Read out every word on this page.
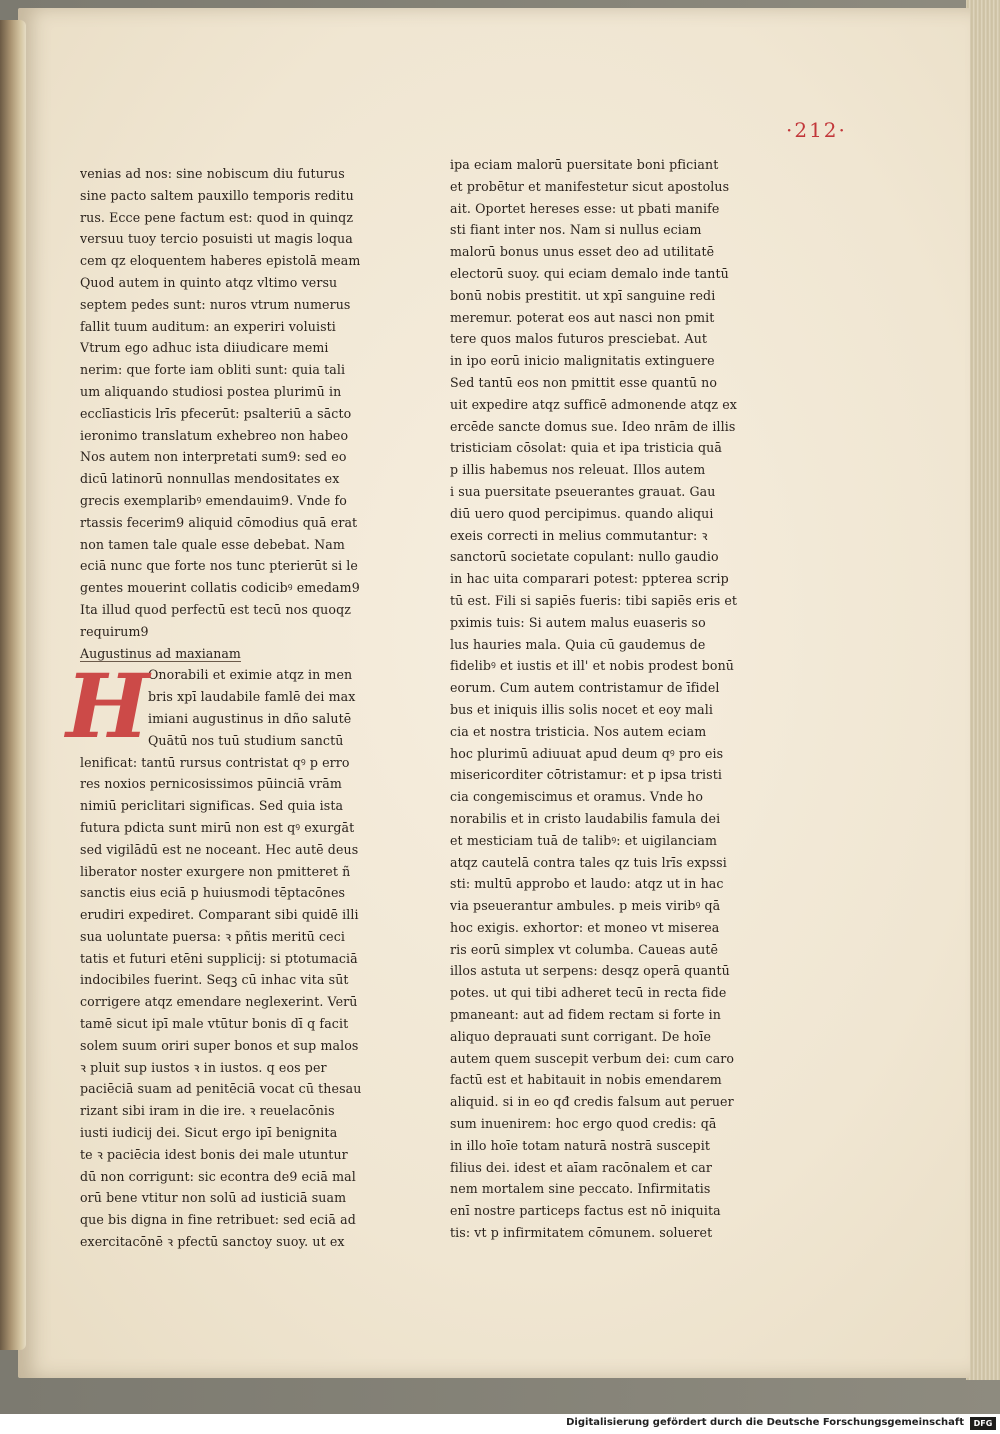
·212·
venias ad nos: sine nobiscum diu futurus
sine pacto saltem pauxillo temporis reditu
rus. Ecce pene factum est: quod in quinqz
versuu tuoy tercio posuisti ut magis loqua
cem qz eloquentem haberes epistolā meam
Quod autem in quinto atqz vltimo versu
septem pedes sunt: nuros vtrum numerus
fallit tuum auditum: an experiri voluisti
Vtrum ego adhuc ista diiudicare memi
nerim: que forte iam obliti sunt: quia tali
um aliquando studiosi postea plurimū in
ecclīasticis lrīs pfecerūt: psalteriū a sācto
ieronimo translatum exhebreo non habeo
Nos autem non interpretati sum9: sed eo
dicū latinorū nonnullas mendositates ex
grecis exemplaribꝰ emendauim9. Vnde fo
rtassis fecerim9 aliquid cōmodius quā erat
non tamen tale quale esse debebat. Nam
eciā nunc que forte nos tunc pterierūt si le
gentes mouerint collatis codicibꝰ emedam9
Ita illud quod perfectū est tecū nos quoqz
requirum9
Augustinus ad maxianam
H
Onorabili et eximie atqz in men
bris xpī laudabile famlē dei max
imiani augustinus in dño salutē
Quātū nos tuū studium sanctū
lenificat: tantū rursus contristat qꝰ p erro
res noxios pernicosissimos pūinciā vrām
nimiū periclitari significas. Sed quia ista
futura pdicta sunt mirū non est qꝰ exurgāt
sed vigilādū est ne noceant. Hec autē deus
liberator noster exurgere non pmitteret ñ
sanctis eius eciā p huiusmodi tēptacōnes
erudiri expediret. Comparant sibi quidē illi
sua uoluntate puersa: ꝛ pñtis meritū ceci
tatis et futuri etēni supplicij: si ptotumaciā
indocibiles fuerint. Seqꝫ cū inhac vita sūt
corrigere atqz emendare neglexerint. Verū
tamē sicut ipī male vtūtur bonis dī q facit
solem suum oriri super bonos et sup malos
ꝛ pluit sup iustos ꝛ in iustos. q eos per
paciēciā suam ad penitēciā vocat cū thesau
rizant sibi iram in die ire. ꝛ reuelacōnis
iusti iudicij dei. Sicut ergo ipī benignita
te ꝛ paciēcia idest bonis dei male utuntur
dū non corrigunt: sic econtra de9 eciā mal
orū bene vtitur non solū ad iusticiā suam
que bis digna in fine retribuet: sed eciā ad
exercitacōnē ꝛ pfectū sanctoy suoy. ut ex
ipa eciam malorū puersitate boni pficiant
et probētur et manifestetur sicut apostolus
ait. Oportet hereses esse: ut pbati manife
sti fiant inter nos. Nam si nullus eciam
malorū bonus unus esset deo ad utilitatē
electorū suoy. qui eciam demalo inde tantū
bonū nobis prestitit. ut xpī sanguine redi
meremur. poterat eos aut nasci non pmit
tere quos malos futuros presciebat. Aut
in ipo eorū inicio malignitatis extinguere
Sed tantū eos non pmittit esse quantū no
uit expedire atqz sufficē admonende atqz ex
ercēde sancte domus sue. Ideo nrām de illis
tristiciam cōsolat: quia et ipa tristicia quā
p illis habemus nos releuat. Illos autem
i sua puersitate pseuerantes grauat. Gau
diū uero quod percipimus. quando aliqui
exeis correcti in melius commutantur: ꝛ
sanctorū societate copulant: nullo gaudio
in hac uita comparari potest: ppterea scrip
tū est. Fili si sapiēs fueris: tibi sapiēs eris et
pximis tuis: Si autem malus euaseris so
lus hauries mala. Quia cū gaudemus de
fidelibꝰ et iustis et ill' et nobis prodest bonū
eorum. Cum autem contristamur de īfidel
bus et iniquis illis solis nocet et eoy mali
cia et nostra tristicia. Nos autem eciam
hoc plurimū adiuuat apud deum qꝰ pro eis
misericorditer cōtristamur: et p ipsa tristi
cia congemiscimus et oramus. Vnde ho
norabilis et in cristo laudabilis famula dei
et mesticiam tuā de talibꝰ: et uigilanciam
atqz cautelā contra tales qz tuis lrīs expssi
sti: multū approbo et laudo: atqz ut in hac
via pseuerantur ambules. p meis viribꝰ qā
hoc exigis. exhortor: et moneo vt miserea
ris eorū simplex vt columba. Caueas autē
illos astuta ut serpens: desqz operā quantū
potes. ut qui tibi adheret tecū in recta fide
pmaneant: aut ad fidem rectam si forte in
aliquo deprauati sunt corrigant. De hoīe
autem quem suscepit verbum dei: cum caro
factū est et habitauit in nobis emendarem
aliquid. si in eo qđ credis falsum aut peruer
sum inuenirem: hoc ergo quod credis: qā
in illo hoīe totam naturā nostrā suscepit
filius dei. idest et aīam racōnalem et car
nem mortalem sine peccato. Infirmitatis
enī nostre particeps factus est nō iniquita
tis: vt p infirmitatem cōmunem. solueret
Digitalisierung gefördert durch die Deutsche Forschungsgemeinschaft	DFG
